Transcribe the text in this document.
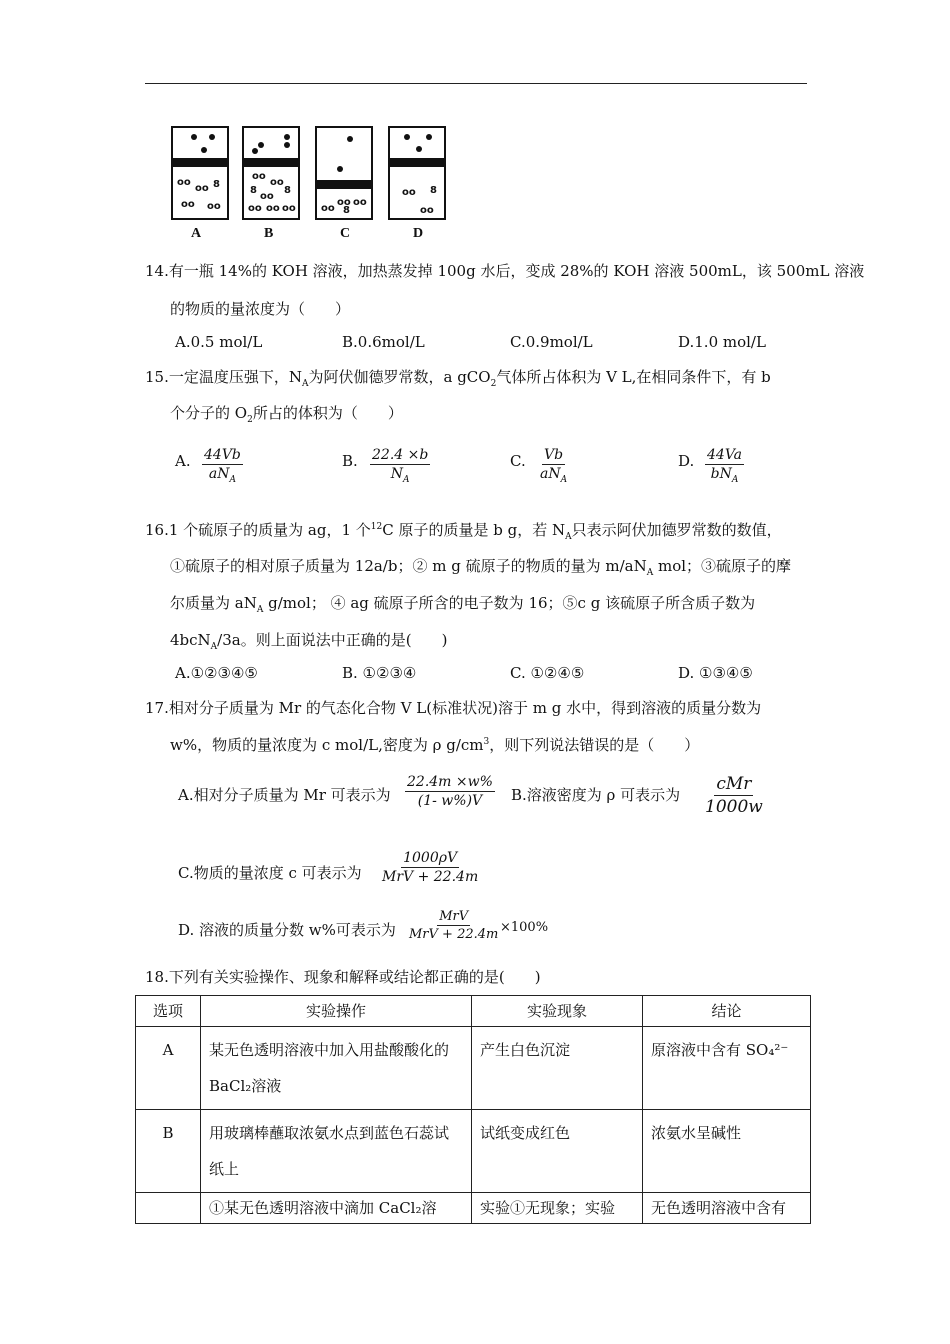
oo
oo 8
oo oo
A
oo
oo
8
oo
8
oo oo oo
B
oo
oo
8
oo
C
oo 8
oo
D
14.有一瓶 14%的 KOH 溶液，加热蒸发掉 100g 水后，变成 28%的 KOH 溶液 500mL，该 500mL 溶液
的物质的量浓度为（　　）
A.0.5 mol/L	B.0.6mol/L	C.0.9mol/L	D.1.0 mol/L
15.一定温度压强下，$N_A$为阿伏伽德罗常数，a gCO$_2$气体所占体积为 V L,在相同条件下，有 b
个分子的 $O_2$所占的体积为（　　）
A. 44Vb
$aN_A$
B. $\frac{22.4 \times b}{N_A}$	C. Vb
$aN_A$
D. 44Va
$bN_A$
16.1 个硫原子的质量为 ag，1 个$^{12}$C 原子的质量是 b g，若 $N_A$只表示阿伏加德罗常数的数值，
①硫原子的相对原子质量为 12a/b；② m g 硫原子的物质的量为 $m/aN_A$ mol；③硫原子的摩
尔质量为 $aN_A$ g/mol； ④ ag 硫原子所含的电子数为 16；⑤c g 该硫原子所含质子数为
4bcN$_A$/3a。则上面说法中正确的是(　　)
A.①②③④⑤	B. ①②③④	C. ①②④⑤	D. ①③④⑤
17.相对分子质量为 Mr 的气态化合物 V L(标准状况)溶于 m g 水中，得到溶液的质量分数为
w%，物质的量浓度为 c mol/L,密度为 ρ $g/cm^3$，则下列说法错误的是（　　）
A.相对分子质量为 Mr 可表示为 $\frac{22.4m \times w\%}{(1- w\%)V} B$.溶液密度为 ρ 可表示为
cMr
1000w
C.物质的量浓度 c 可表示为
1000ρV
MrV + 22.4m
D. 溶液的质量分数 w%可表示为
MrV
MrV + 22.4m ×100%
18.下列有关实验操作、现象和解释或结论都正确的是(　　)
选项	实验操作	实验现象	结论
A	某无色透明溶液中加入用盐酸酸化的 BaCl₂溶液	产生白色沉淀	原溶液中含有 SO₄²⁻
B	用玻璃棒蘸取浓氨水点到蓝色石蕊试纸上	试纸变成红色	浓氨水呈碱性
	①某无色透明溶液中滴加 CaCl₂溶	实验①无现象；实验	无色透明溶液中含有
